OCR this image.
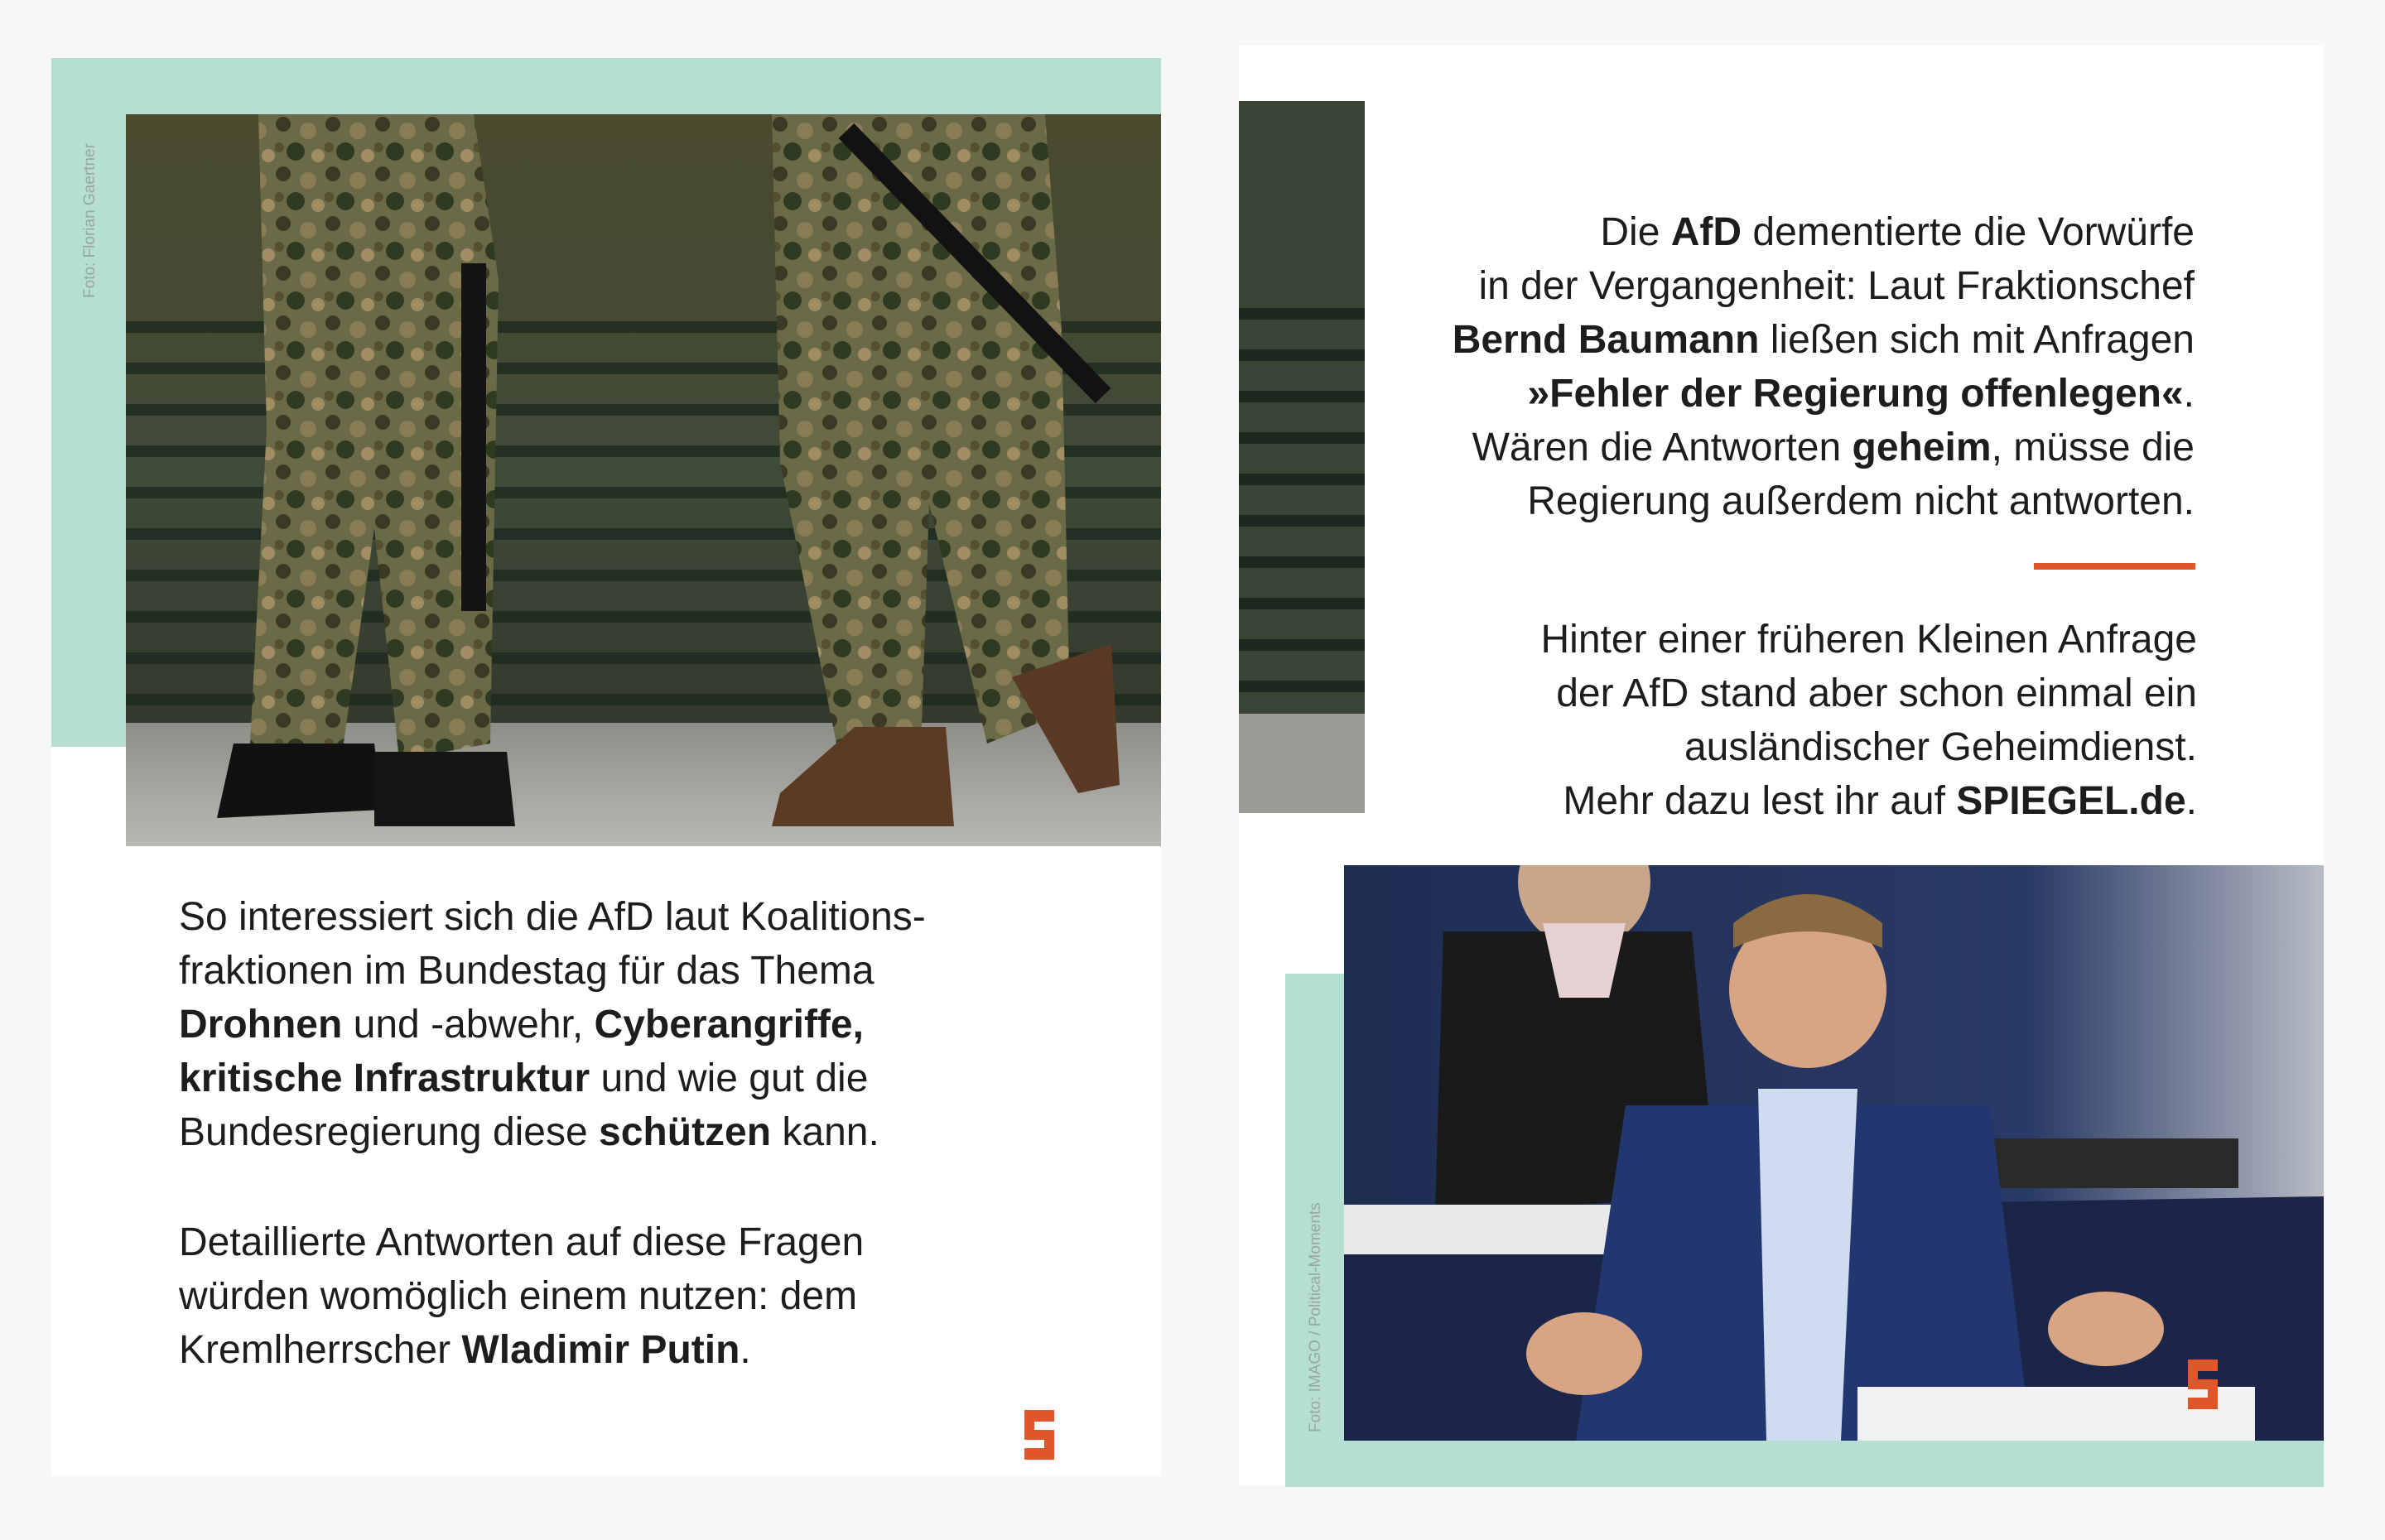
Foto: Florian Gaertner
So interessiert sich die AfD laut Koalitions-
fraktionen im Bundestag für das Thema
Drohnen und -abwehr, Cyberangriffe,
kritische Infrastruktur und wie gut die
Bundesregierung diese schützen kann.
Detaillierte Antworten auf diese Fragen
würden womöglich einem nutzen: dem
Kremlherrscher Wladimir Putin.
Die AfD dementierte die Vorwürfe
in der Vergangenheit: Laut Fraktionschef
Bernd Baumann ließen sich mit Anfragen
»Fehler der Regierung offenlegen«.
Wären die Antworten geheim, müsse die
Regierung außerdem nicht antworten.
Hinter einer früheren Kleinen Anfrage
der AfD stand aber schon einmal ein
ausländischer Geheimdienst.
Mehr dazu lest ihr auf SPIEGEL.de.
Foto: IMAGO / Political-Moments
